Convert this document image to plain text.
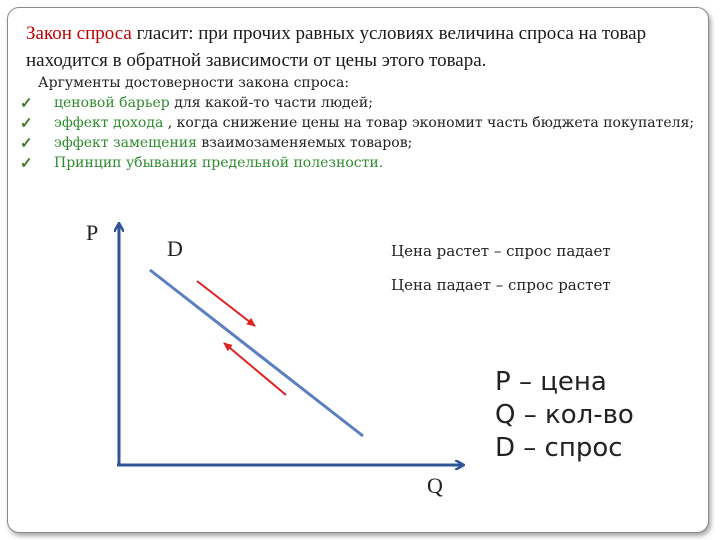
Закон спроса гласит: при прочих равных условиях величина спроса на товар находится в обратной зависимости от цены этого товара.
Аргументы достоверности закона спроса:
✓ ценовой барьер для какой-то части людей;
✓ эффект дохода , когда снижение цены на товар экономит часть бюджета покупателя;
✓ эффект замещения взаимозаменяемых товаров;
✓ Принцип убывания предельной полезности.
P
Q
D	Цена растет – спрос падает
Цена падает – спрос растет
P – цена
Q – кол-во
D – спрос
